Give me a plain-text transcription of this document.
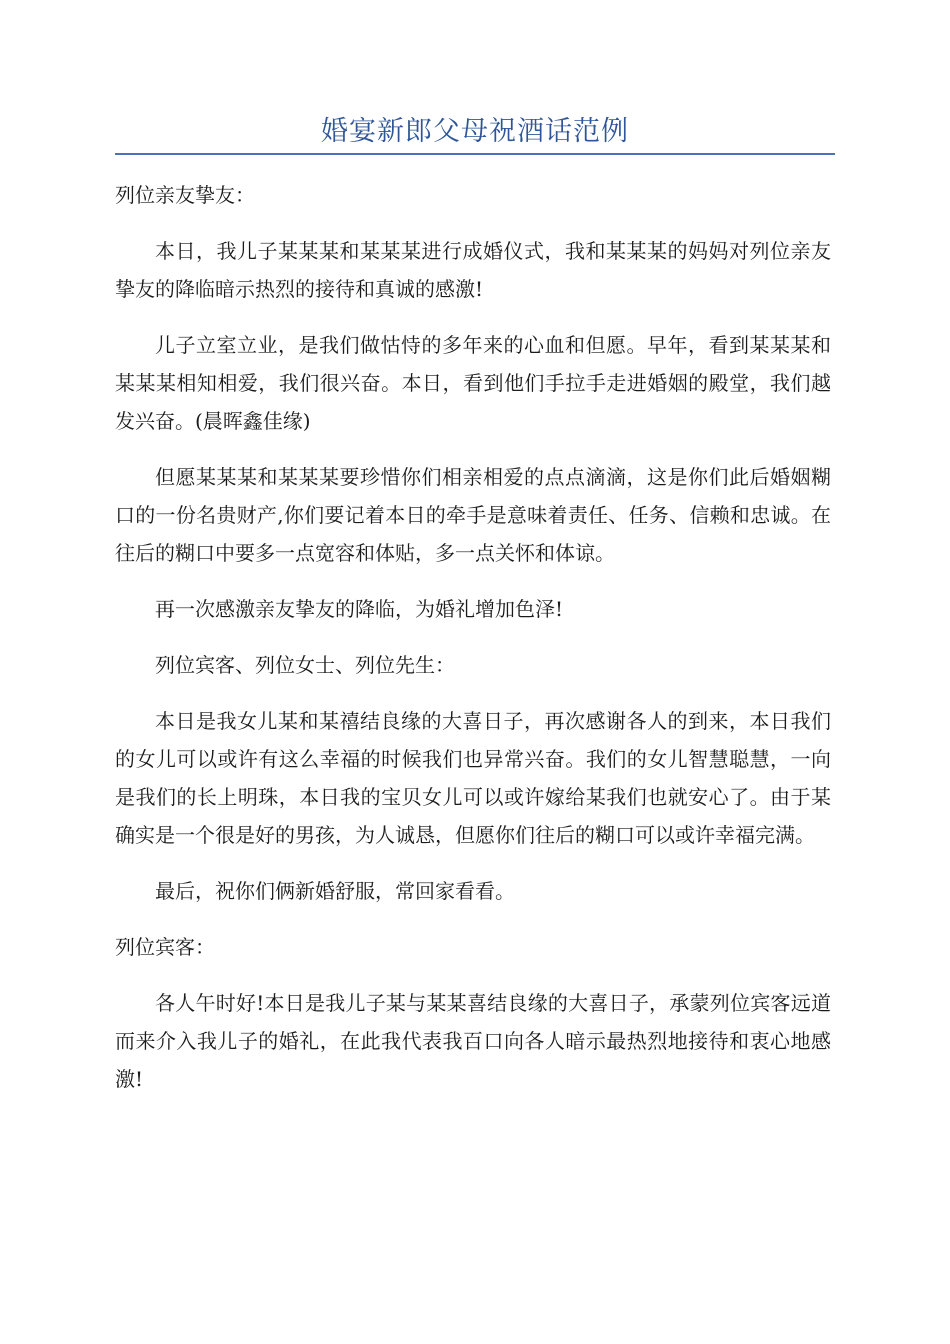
婚宴新郎父母祝酒话范例

列位亲友挚友：

本日，我儿子某某某和某某某进行成婚仪式，我和某某某的妈妈对列位亲友挚友的降临暗示热烈的接待和真诚的感激!

儿子立室立业，是我们做怙恃的多年来的心血和但愿。早年，看到某某某和某某某相知相爱，我们很兴奋。本日，看到他们手拉手走进婚姻的殿堂，我们越发兴奋。(晨晖鑫佳缘)

但愿某某某和某某某要珍惜你们相亲相爱的点点滴滴，这是你们此后婚姻糊口的一份名贵财产,你们要记着本日的牵手是意味着责任、任务、信赖和忠诚。在往后的糊口中要多一点宽容和体贴，多一点关怀和体谅。

再一次感激亲友挚友的降临，为婚礼增加色泽!

列位宾客、列位女士、列位先生：

本日是我女儿某和某禧结良缘的大喜日子，再次感谢各人的到来，本日我们的女儿可以或许有这么幸福的时候我们也异常兴奋。我们的女儿智慧聪慧，一向是我们的长上明珠，本日我的宝贝女儿可以或许嫁给某我们也就安心了。由于某确实是一个很是好的男孩，为人诚恳，但愿你们往后的糊口可以或许幸福完满。

最后，祝你们俩新婚舒服，常回家看看。

列位宾客：

各人午时好!本日是我儿子某与某某喜结良缘的大喜日子，承蒙列位宾客远道而来介入我儿子的婚礼，在此我代表我百口向各人暗示最热烈地接待和衷心地感激!
